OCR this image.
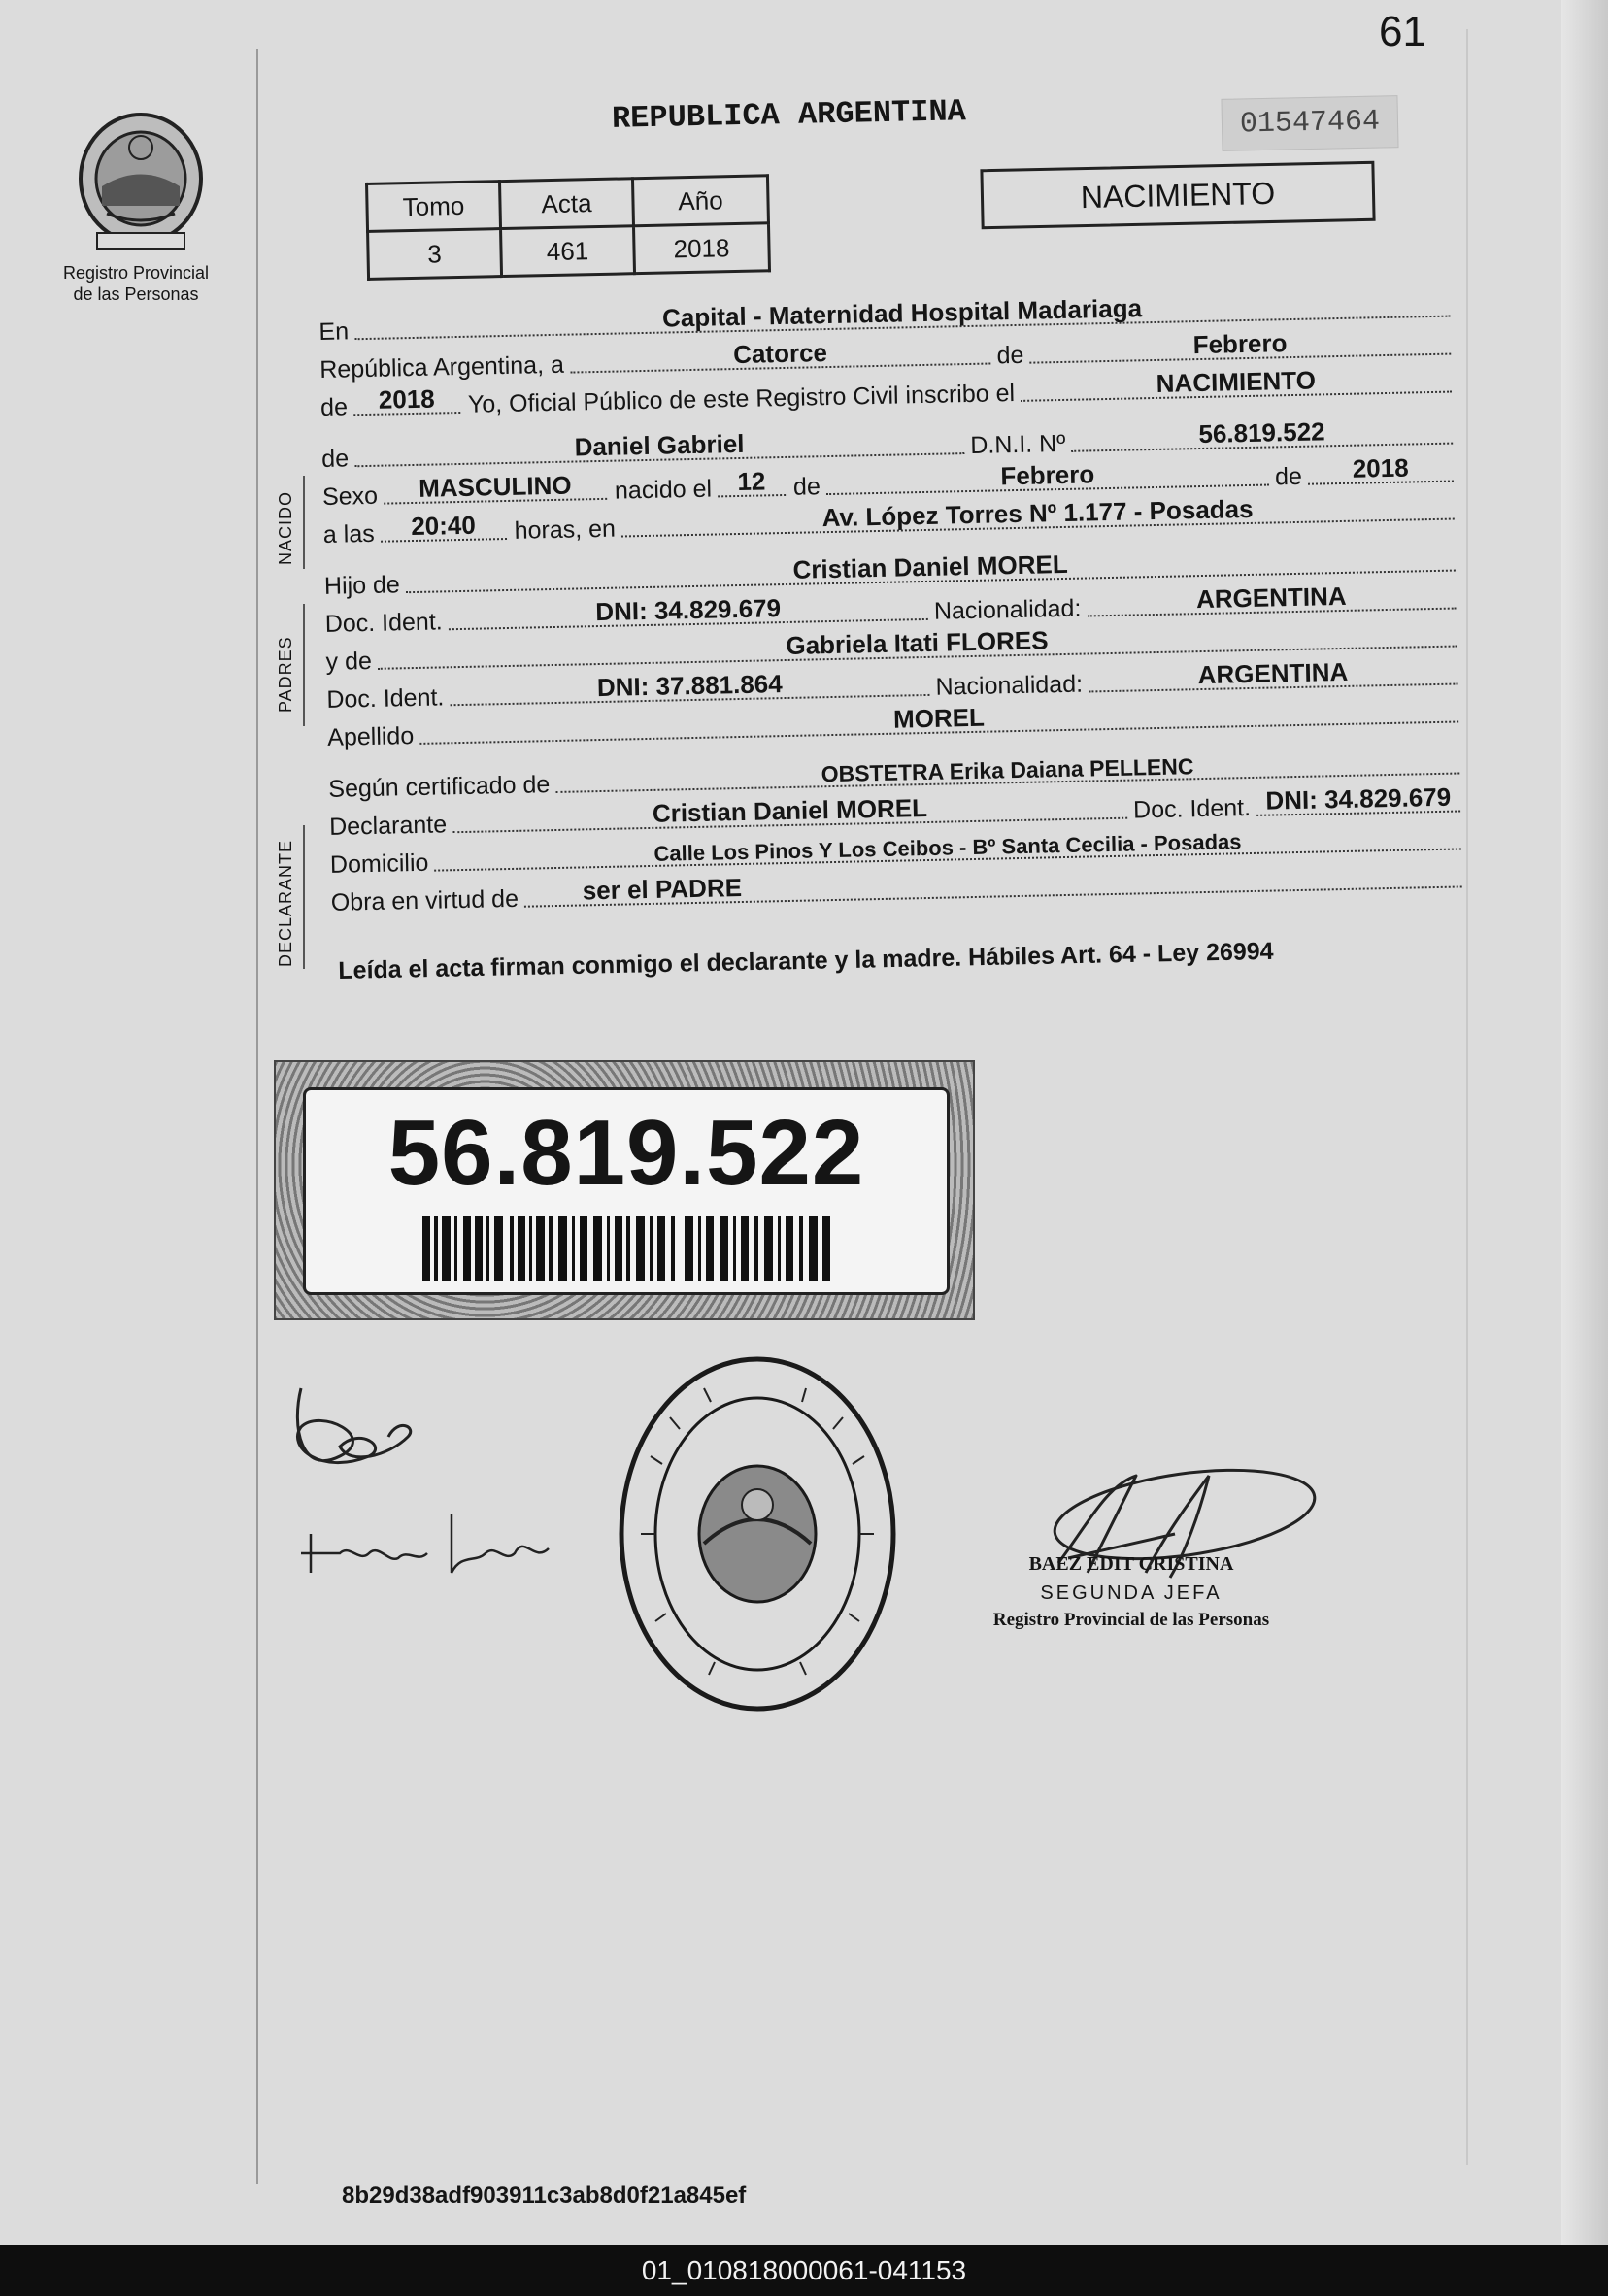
61
Registro Provincial
de las Personas
REPUBLICA ARGENTINA	01547464
Tomo	Acta	Año
3	461	2018
NACIMIENTO
En	Capital - Maternidad Hospital Madariaga
República Argentina, a	Catorce	de	Febrero
de	2018	Yo, Oficial Público de este Registro Civil inscribo el	NACIMIENTO
de	Daniel Gabriel	D.N.I. Nº	56.819.522
Sexo	MASCULINO	nacido el 12	de	Febrero	de	2018
a las	20:40	horas, en	Av. López Torres Nº 1.177 - Posadas
Hijo de
Cristian Daniel MOREL
Doc. Ident.	DNI: 34.829.679	Nacionalidad:	ARGENTINA
y de
Gabriela Itati FLORES
Doc. Ident.	DNI: 37.881.864	Nacionalidad:	ARGENTINA
Apellido
MOREL
Según certificado de
OBSTETRA Erika Daiana PELLENC
Declarante	Cristian Daniel MOREL	Doc. Ident. DNI: 34.829.679
Domicilio	Calle Los Pinos Y Los Ceibos - Bº Santa Cecilia - Posadas
Obra en virtud de	ser el PADRE
NACIDO
PADRES
DECLARANTE Leída el acta firman conmigo el declarante y la madre. Hábiles Art. 64 - Ley 26994
56.819.522
BAEZ EDIT CRISTINA
SEGUNDA JEFA
Registro Provincial de las Personas
8b29d38adf903911c3ab8d0f21a845ef
01_010818000061-041153
